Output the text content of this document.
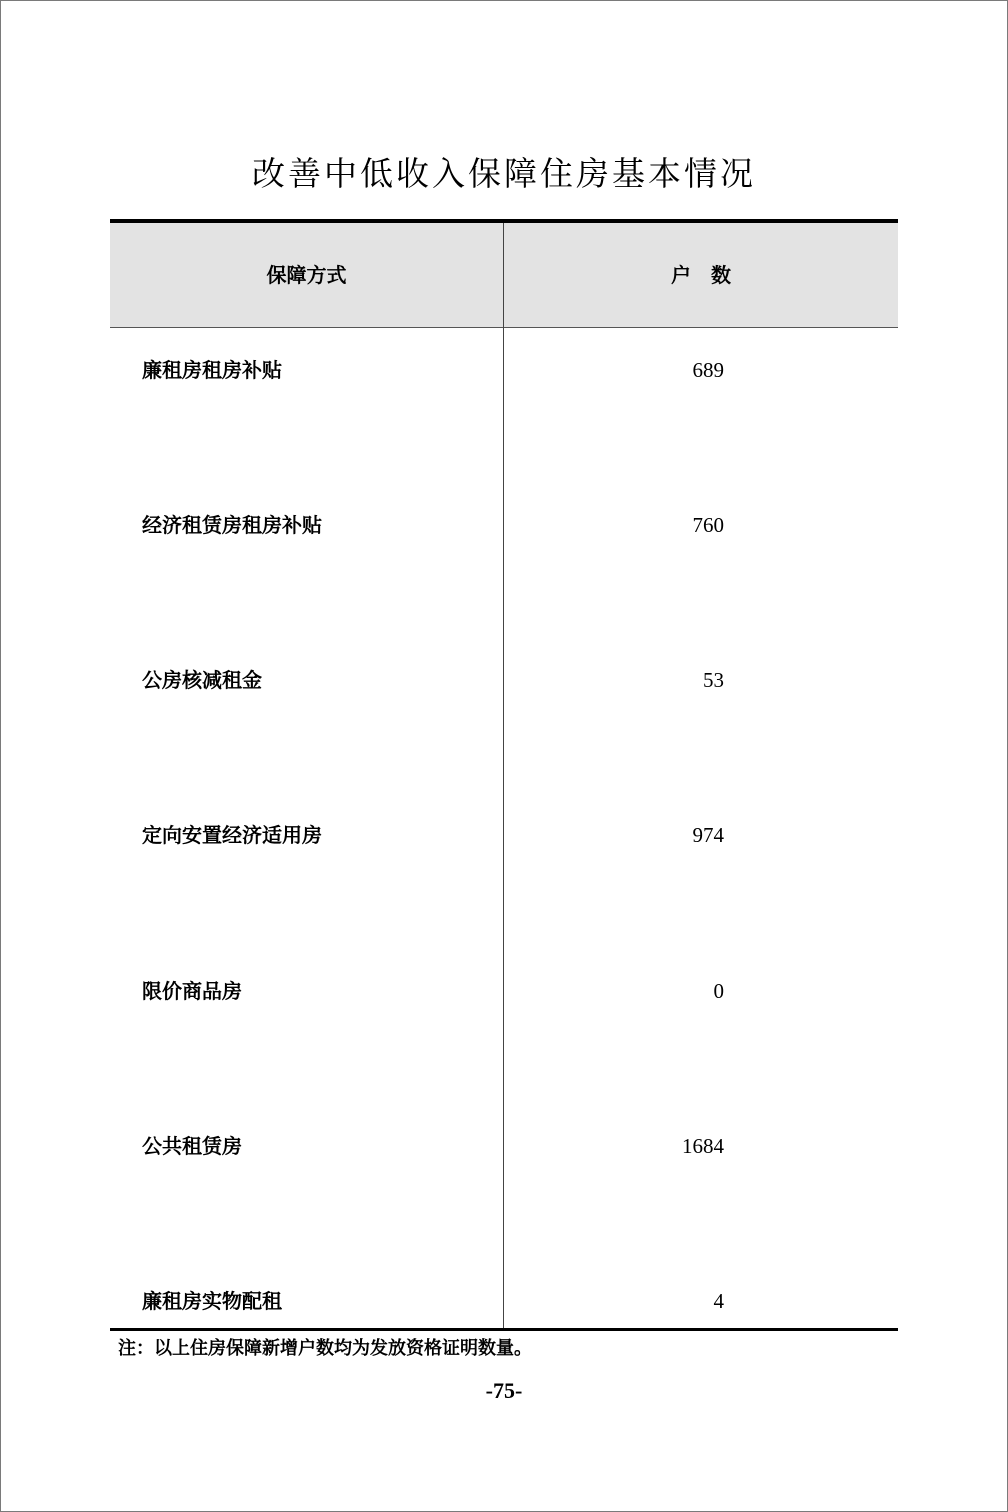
改善中低收入保障住房基本情况
保障方式	户　数
廉租房租房补贴	689
经济租赁房租房补贴	760
公房核减租金	53
定向安置经济适用房	974
限价商品房	0
公共租赁房	1684
廉租房实物配租	4
注：以上住房保障新增户数均为发放资格证明数量。
-75-
